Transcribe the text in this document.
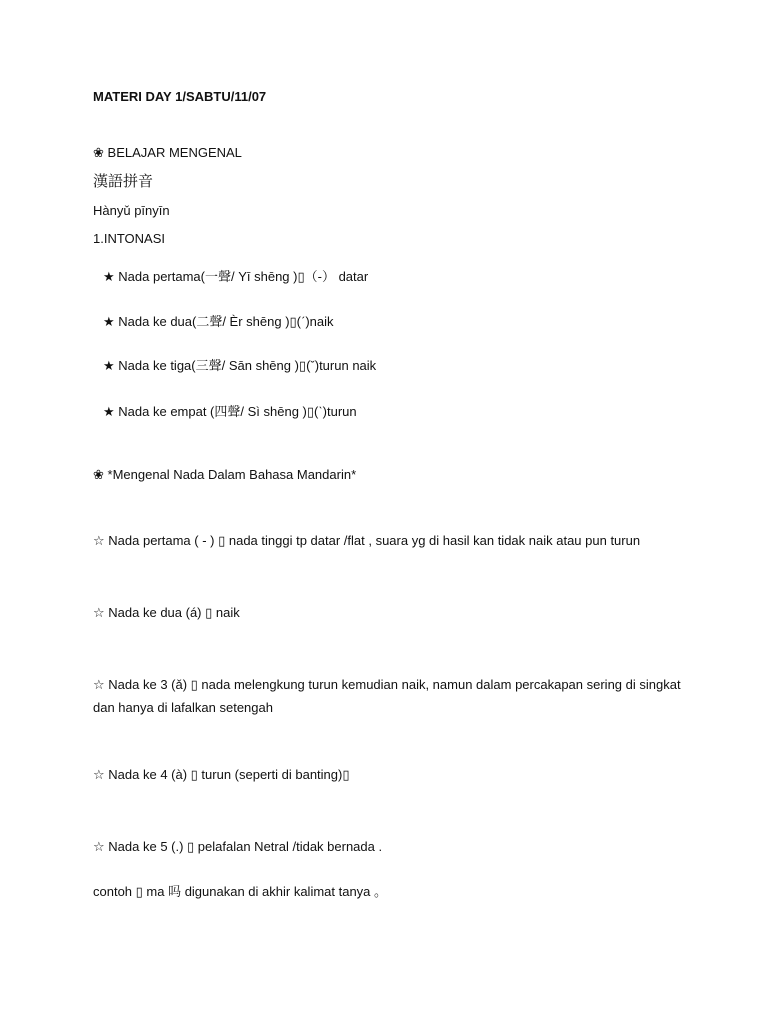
MATERI DAY 1/SABTU/11/07
❀ BELAJAR MENGENAL
漢語拼音
Hànyǔ pīnyīn
1.INTONASI
★ Nada pertama(一聲/ Yī shēng )▯（-） datar
★ Nada ke dua(二聲/ Èr shēng )▯(ˊ)naik
★ Nada ke tiga(三聲/ Sān shēng )▯(ˇ)turun naik
★ Nada ke empat (四聲/ Sì shēng )▯(ˋ)turun
❀ *Mengenal Nada Dalam Bahasa Mandarin*
☆ Nada pertama ( - ) ▯ nada tinggi tp datar /flat , suara yg di hasil kan tidak naik atau pun turun
☆ Nada ke dua (á) ▯ naik
☆ Nada ke 3 (ǎ) ▯ nada melengkung turun kemudian naik, namun dalam percakapan sering di singkat dan hanya di lafalkan setengah
☆ Nada ke 4 (à) ▯ turun (seperti di banting)▯
☆ Nada ke 5 (.) ▯ pelafalan Netral /tidak bernada .
contoh ▯ ma 吗 digunakan di akhir kalimat tanya 。
